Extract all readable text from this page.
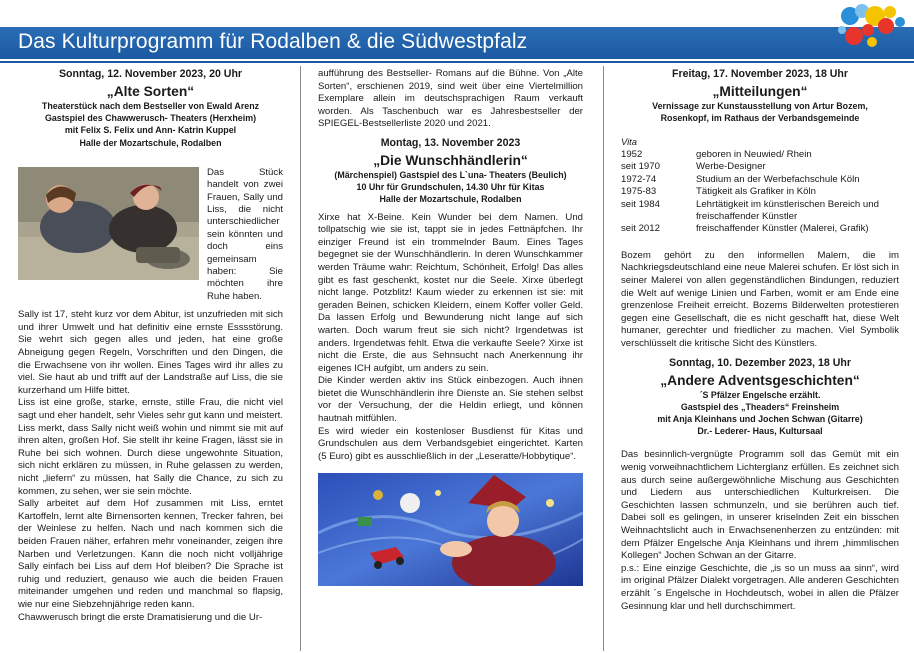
Das Kulturprogramm für Rodalben & die Südwestpfalz
Sonntag, 12. November 2023, 20 Uhr
„Alte Sorten“
Theaterstück nach dem Bestseller von Ewald Arenz
Gastspiel des Chawwerusch- Theaters (Herxheim)
mit Felix S. Felix und Ann- Katrin Kuppel
Halle der Mozartschule, Rodalben
Das Stück handelt von zwei Frauen, Sally und Liss, die nicht unterschiedlicher sein könnten und doch eins gemeinsam haben: Sie möchten ihre Ruhe haben.
Sally ist 17, steht kurz vor dem Abitur, ist unzufrieden mit sich und ihrer Umwelt und hat definitiv eine ernste Esssstörung. Sie wehrt sich gegen alles und jeden, hat eine große Abneigung gegen Regeln, Vorschriften und den Dingen, die die Erwachsene von ihr wollen. Eines Tages wird ihr alles zu viel. Sie haut ab und trifft auf der Landstraße auf Liss, die sie kurzerhand um Hilfe bittet.
Liss ist eine große, starke, ernste, stille Frau, die nicht viel sagt und eher handelt, sehr Vieles sehr gut kann und meistert. Liss merkt, dass Sally nicht weiß wohin und nimmt sie mit auf ihren alten, großen Hof. Sie stellt ihr keine Fragen, lässt sie in Ruhe bei sich wohnen. Durch diese ungewohnte Situation, sich nicht erklären zu müssen, in Ruhe gelassen zu werden, nicht „liefern“ zu müssen, hat Sally die Chance, zu sich zu kommen, zu sehen, wer sie sein möchte.
Sally arbeitet auf dem Hof zusammen mit Liss, erntet Kartoffeln, lernt alte Birnensorten kennen, Trecker fahren, bei der Weinlese zu helfen. Nach und nach kommen sich die beiden Frauen näher, erfahren mehr voneinander, zeigen ihre Narben und Verletzungen. Kann die noch nicht volljährige Sally einfach bei Liss auf dem Hof bleiben? Die Sprache ist ruhig und reduziert, genauso wie auch die beiden Frauen miteinander umgehen und reden und manchmal so flapsig, wie nur eine Siebzehnjährige reden kann.
Chawwerusch bringt die erste Dramatisierung und die Ur-
aufführung des Bestseller- Romans auf die Bühne. Von „Alte Sorten“, erschienen 2019, sind weit über eine Viertelmillion Exemplare allein im deutschsprachigen Raum verkauft worden. Als Taschenbuch war es Jahresbestseller der SPIEGEL-Bestsellerliste 2020 und 2021.
Montag, 13. November 2023
„Die Wunschhändlerin“
(Märchenspiel) Gastspiel des L`una- Theaters (Beulich)
10 Uhr für Grundschulen, 14.30 Uhr für Kitas
Halle der Mozartschule, Rodalben
Xirxe hat X-Beine. Kein Wunder bei dem Namen. Und tollpatschig wie sie ist, tappt sie in jedes Fettnäpfchen. Ihr einziger Freund ist ein trommelnder Baum. Eines Tages begegnet sie der Wunschhändlerin. In deren Wunschkammer werden Träume wahr: Reichtum, Schönheit, Erfolg! Das alles gibt es fast geschenkt, kostet nur die Seele. Xirxe überlegt nicht lange. Potzblitz! Kaum wieder zu erkennen ist sie: mit geraden Beinen, schicken Kleidern, einem Koffer voller Geld. Da lassen Erfolg und Bewunderung nicht lange auf sich warten. Doch warum freut sie sich nicht? Irgendetwas ist anders. Irgendetwas fehlt. Etwa die verkaufte Seele? Xirxe ist nicht die Erste, die aus Sehnsucht nach Anerkennung ihr eigenes ICH aufgibt, um anders zu sein.
Die Kinder werden aktiv ins Stück einbezogen. Auch ihnen bietet die Wunschhändlerin ihre Dienste an. Sie stehen selbst vor der Versuchung, der die Heldin erliegt, und können hautnah mitfühlen.
Es wird wieder ein kostenloser Busdienst für Kitas und Grundschulen aus dem Verbandsgebiet eingerichtet. Karten (5 Euro) gibt es ausschließlich in der „Leseratte/Hobbytique“.
Freitag, 17. November 2023, 18 Uhr
„Mitteilungen“
Vernissage zur Kunstausstellung von Artur Bozem,
Rosenkopf, im Rathaus der Verbandsgemeinde
Vita
1952	geboren in Neuwied/ Rhein
seit 1970	Werbe-Designer
1972-74	Studium an der Werbefachschule Köln
1975-83	Tätigkeit als Grafiker in Köln
seit 1984	Lehrtätigkeit im künstlerischen Bereich und freischaffender Künstler
seit 2012	freischaffender Künstler (Malerei, Grafik)
Bozem gehört zu den informellen Malern, die im Nachkriegsdeutschland eine neue Malerei schufen. Er löst sich in seiner Malerei von allen gegenständlichen Bindungen, reduziert die Welt auf wenige Linien und Farben, womit er am Ende eine grenzenlose Freiheit erreicht. Bozems Bilderwelten protestieren gegen eine Gesellschaft, die es nicht geschafft hat, diese Welt humaner, gerechter und friedlicher zu machen. Viel Symbolik verschlüsselt die kritische Sicht des Künstlers.
Sonntag, 10. Dezember 2023, 18 Uhr
„Andere Adventsgeschichten“
´S Pfälzer Engelsche erzählt.
Gastspiel des „Theaders“ Freinsheim
mit Anja Kleinhans und Jochen Schwan (Gitarre)
Dr.- Lederer- Haus, Kultursaal
Das besinnlich-vergnügte Programm soll das Gemüt mit ein wenig vorweihnachtlichem Lichterglanz erfüllen. Es zeichnet sich aus durch seine außergewöhnliche Mischung aus Geschichten und Liedern aus unterschiedlichen Kulturkreisen. Die Geschichten lassen schmunzeln, und sie berühren auch tief. Dabei soll es gelingen, in unserer kriselnden Zeit ein bisschen Weihnachtslicht auch in Erwachsenenherzen zu entzünden: mit dem Pfälzer Engelsche Anja Kleinhans und ihrem „himmlischen Kollegen“ Jochen Schwan an der Gitarre.
p.s.: Eine einzige Geschichte, die „is so un muss aa sinn“, wird im original Pfälzer Dialekt vorgetragen. Alle anderen Geschichten erzählt ´s Engelsche in Hochdeutsch, wobei in allen die Pfälzer Gesinnung klar und hell durchschimmert.
